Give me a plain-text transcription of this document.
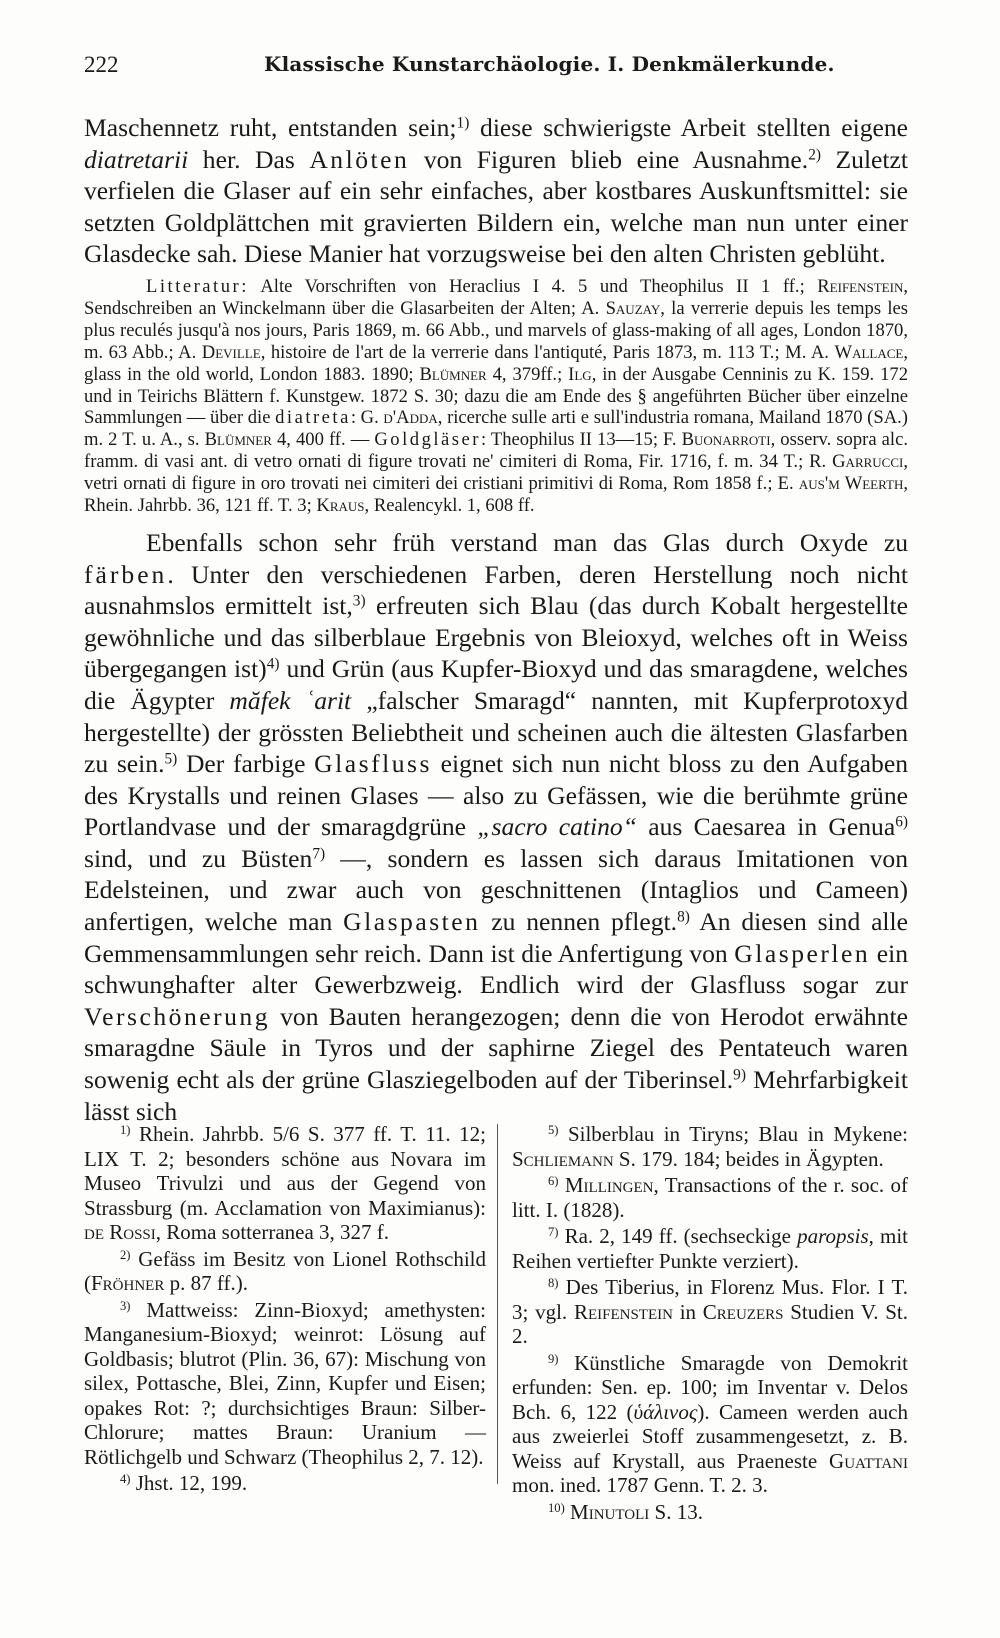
222	Klassische Kunstarchäologie. I. Denkmälerkunde.

Maschennetz ruht, entstanden sein;$^{1)}$ diese schwierigste Arbeit stellten eigene diatretarii her. Das Anlöten von Figuren blieb eine Ausnahme.$^{2)}$ Zuletzt verfielen die Glaser auf ein sehr einfaches, aber kostbares Auskunftsmittel: sie setzten Goldplättchen mit gravierten Bildern ein, welche man nun unter einer Glasdecke sah. Diese Manier hat vorzugsweise bei den alten Christen geblüht.

Litteratur: Alte Vorschriften von Heraclius I 4. 5 und Theophilus II 1 ff.; Reifenstein, Sendschreiben an Winckelmann über die Glasarbeiten der Alten; A. Sauzay, la verrerie depuis les temps les plus reculés jusqu'à nos jours, Paris 1869, m. 66 Abb., und marvels of glass-making of all ages, London 1870, m. 63 Abb.; A. Deville, histoire de l'art de la verrerie dans l'antiquté, Paris 1873, m. 113 T.; M. A. Wallace, glass in the old world, London 1883. 1890; Blümner 4, 379ff.; Ilg, in der Ausgabe Cenninis zu K. 159. 172 und in Teirichs Blättern f. Kunstgew. 1872 S. 30; dazu die am Ende des § angeführten Bücher über einzelne Sammlungen — über die diatreta: G. d'Adda, ricerche sulle arti e sull'industria romana, Mailand 1870 (SA.) m. 2 T. u. A., s. Blümner 4, 400 ff. — Goldgläser: Theophilus II 13—15; F. Buonarroti, osserv. sopra alc. framm. di vasi ant. di vetro ornati di figure trovati ne' cimiteri di Roma, Fir. 1716, f. m. 34 T.; R. Garrucci, vetri ornati di figure in oro trovati nei cimiteri dei cristiani primitivi di Roma, Rom 1858 f.; E. aus'm Weerth, Rhein. Jahrbb. 36, 121 ff. T. 3; Kraus, Realencykl. 1, 608 ff.

Ebenfalls schon sehr früh verstand man das Glas durch Oxyde zu färben. Unter den verschiedenen Farben, deren Herstellung noch nicht ausnahmslos ermittelt ist,$^{3)}$ erfreuten sich Blau (das durch Kobalt hergestellte gewöhnliche und das silberblaue Ergebnis von Bleioxyd, welches oft in Weiss übergegangen ist)$^{4)}$ und Grün (aus Kupfer-Bioxyd und das smaragdene, welches die Ägypter măfek ʿarit „falscher Smaragd“ nannten, mit Kupferprotoxyd hergestellte) der grössten Beliebtheit und scheinen auch die ältesten Glasfarben zu sein.$^{5)}$ Der farbige Glasfluss eignet sich nun nicht bloss zu den Aufgaben des Krystalls und reinen Glases — also zu Gefässen, wie die berühmte grüne Portlandvase und der smaragdgrüne „sacro catino“ aus Caesarea in Genua$^{6)}$ sind, und zu Büsten$^{7)}$ —, sondern es lassen sich daraus Imitationen von Edelsteinen, und zwar auch von geschnittenen (Intaglios und Cameen) anfertigen, welche man Glaspasten zu nennen pflegt.$^{8)}$ An diesen sind alle Gemmensammlungen sehr reich. Dann ist die Anfertigung von Glasperlen ein schwunghafter alter Gewerbzweig. Endlich wird der Glasfluss sogar zur Verschönerung von Bauten herangezogen; denn die von Herodot erwähnte smaragdne Säule in Tyros und der saphirne Ziegel des Pentateuch waren sowenig echt als der grüne Glasziegelboden auf der Tiberinsel.$^{9)}$ Mehrfarbigkeit lässt sich

$^{1)}$ Rhein. Jahrbb. 5/6 S. 377 ff. T. 11. 12; LIX T. 2; besonders schöne aus Novara im Museo Trivulzi und aus der Gegend von Strassburg (m. Acclamation von Maximianus): de Rossi, Roma sotterranea 3, 327 f.

$^{2)}$ Gefäss im Besitz von Lionel Rothschild (Fröhner p. 87 ff.).

$^{3)}$ Mattweiss: Zinn-Bioxyd; amethysten: Manganesium-Bioxyd; weinrot: Lösung auf Goldbasis; blutrot (Plin. 36, 67): Mischung von silex, Pottasche, Blei, Zinn, Kupfer und Eisen; opakes Rot: ?; durchsichtiges Braun: Silber-Chlorure; mattes Braun: Uranium — Rötlichgelb und Schwarz (Theophilus 2, 7. 12).

$^{4)}$ Jhst. 12, 199.

$^{5)}$ Silberblau in Tiryns; Blau in Mykene: Schliemann S. 179. 184; beides in Ägypten.

$^{6)}$ Millingen, Transactions of the r. soc. of litt. I. (1828).

$^{7)}$ Ra. 2, 149 ff. (sechseckige paropsis, mit Reihen vertiefter Punkte verziert).

$^{8)}$ Des Tiberius, in Florenz Mus. Flor. I T. 3; vgl. Reifenstein in Creuzers Studien V. St. 2.

$^{9)}$ Künstliche Smaragde von Demokrit erfunden: Sen. ep. 100; im Inventar v. Delos Bch. 6, 122 (ὑάλινος). Cameen werden auch aus zweierlei Stoff zusammengesetzt, z. B. Weiss auf Krystall, aus Praeneste Guattani mon. ined. 1787 Genn. T. 2. 3.

$^{10)}$ Minutoli S. 13.
